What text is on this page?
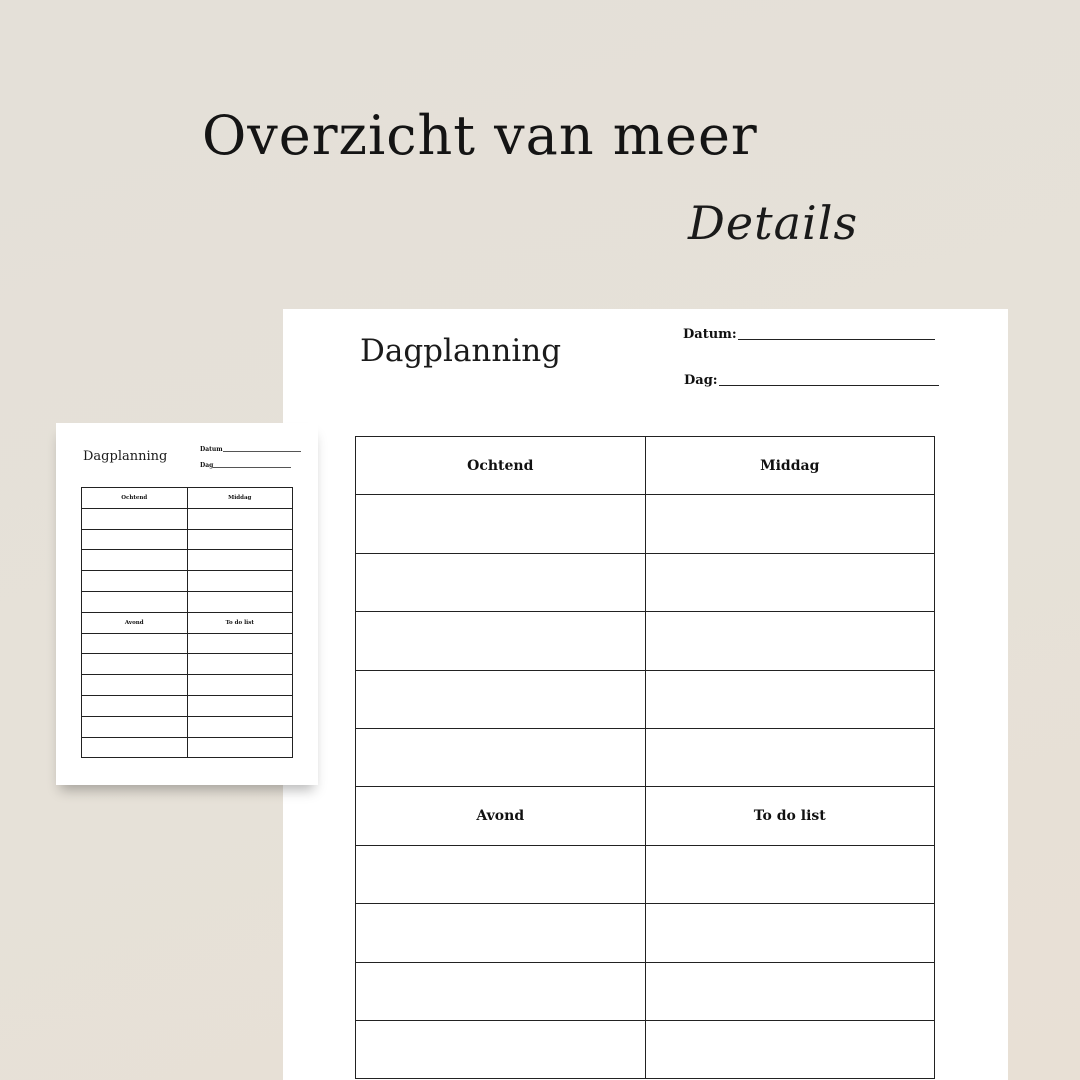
Overzicht van meer
Details
Dagplanning	Datum:
Dag:
Ochtend	Middag

Avond	To do list

Dagplanning	Datum
Dag
Ochtend	Middag

Avond	To do list
